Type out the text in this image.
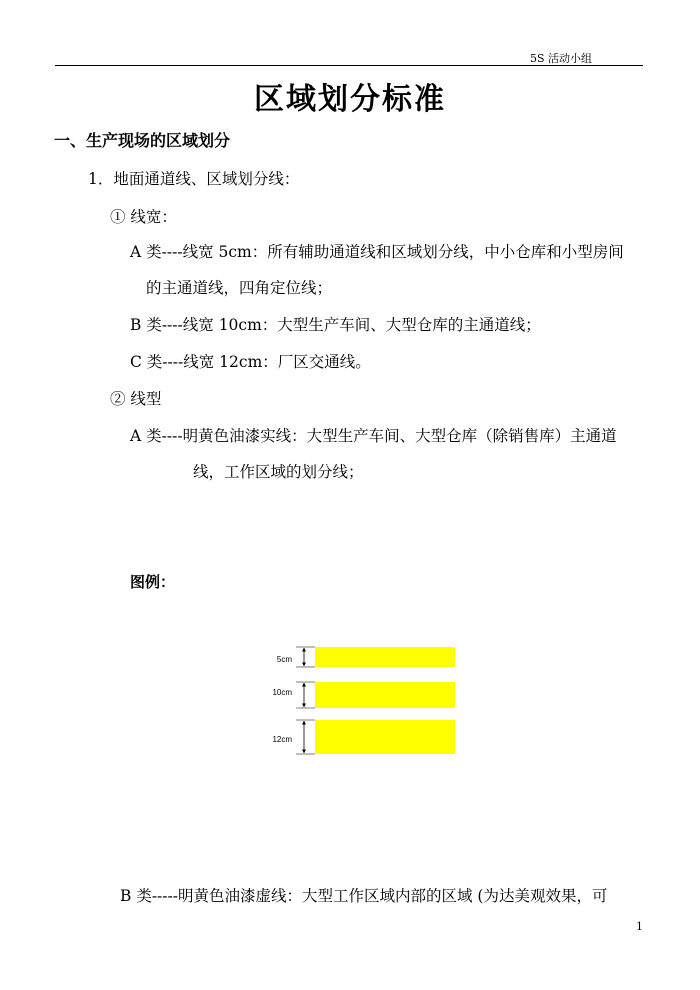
5S 活动小组
区域划分标准
一、生产现场的区域划分
1．地面通道线、区域划分线：
① 线宽：
A 类----线宽 5cm：所有辅助通道线和区域划分线，中小仓库和小型房间
的主通道线，四角定位线；
B 类----线宽 10cm：大型生产车间、大型仓库的主通道线；
C 类----线宽 12cm：厂区交通线。
② 线型
A 类----明黄色油漆实线：大型生产车间、大型仓库（除销售库）主通道
线，工作区域的划分线；
图例：
5cm
10cm
12cm
B 类-----明黄色油漆虚线：大型工作区域内部的区域 (为达美观效果，可
1
